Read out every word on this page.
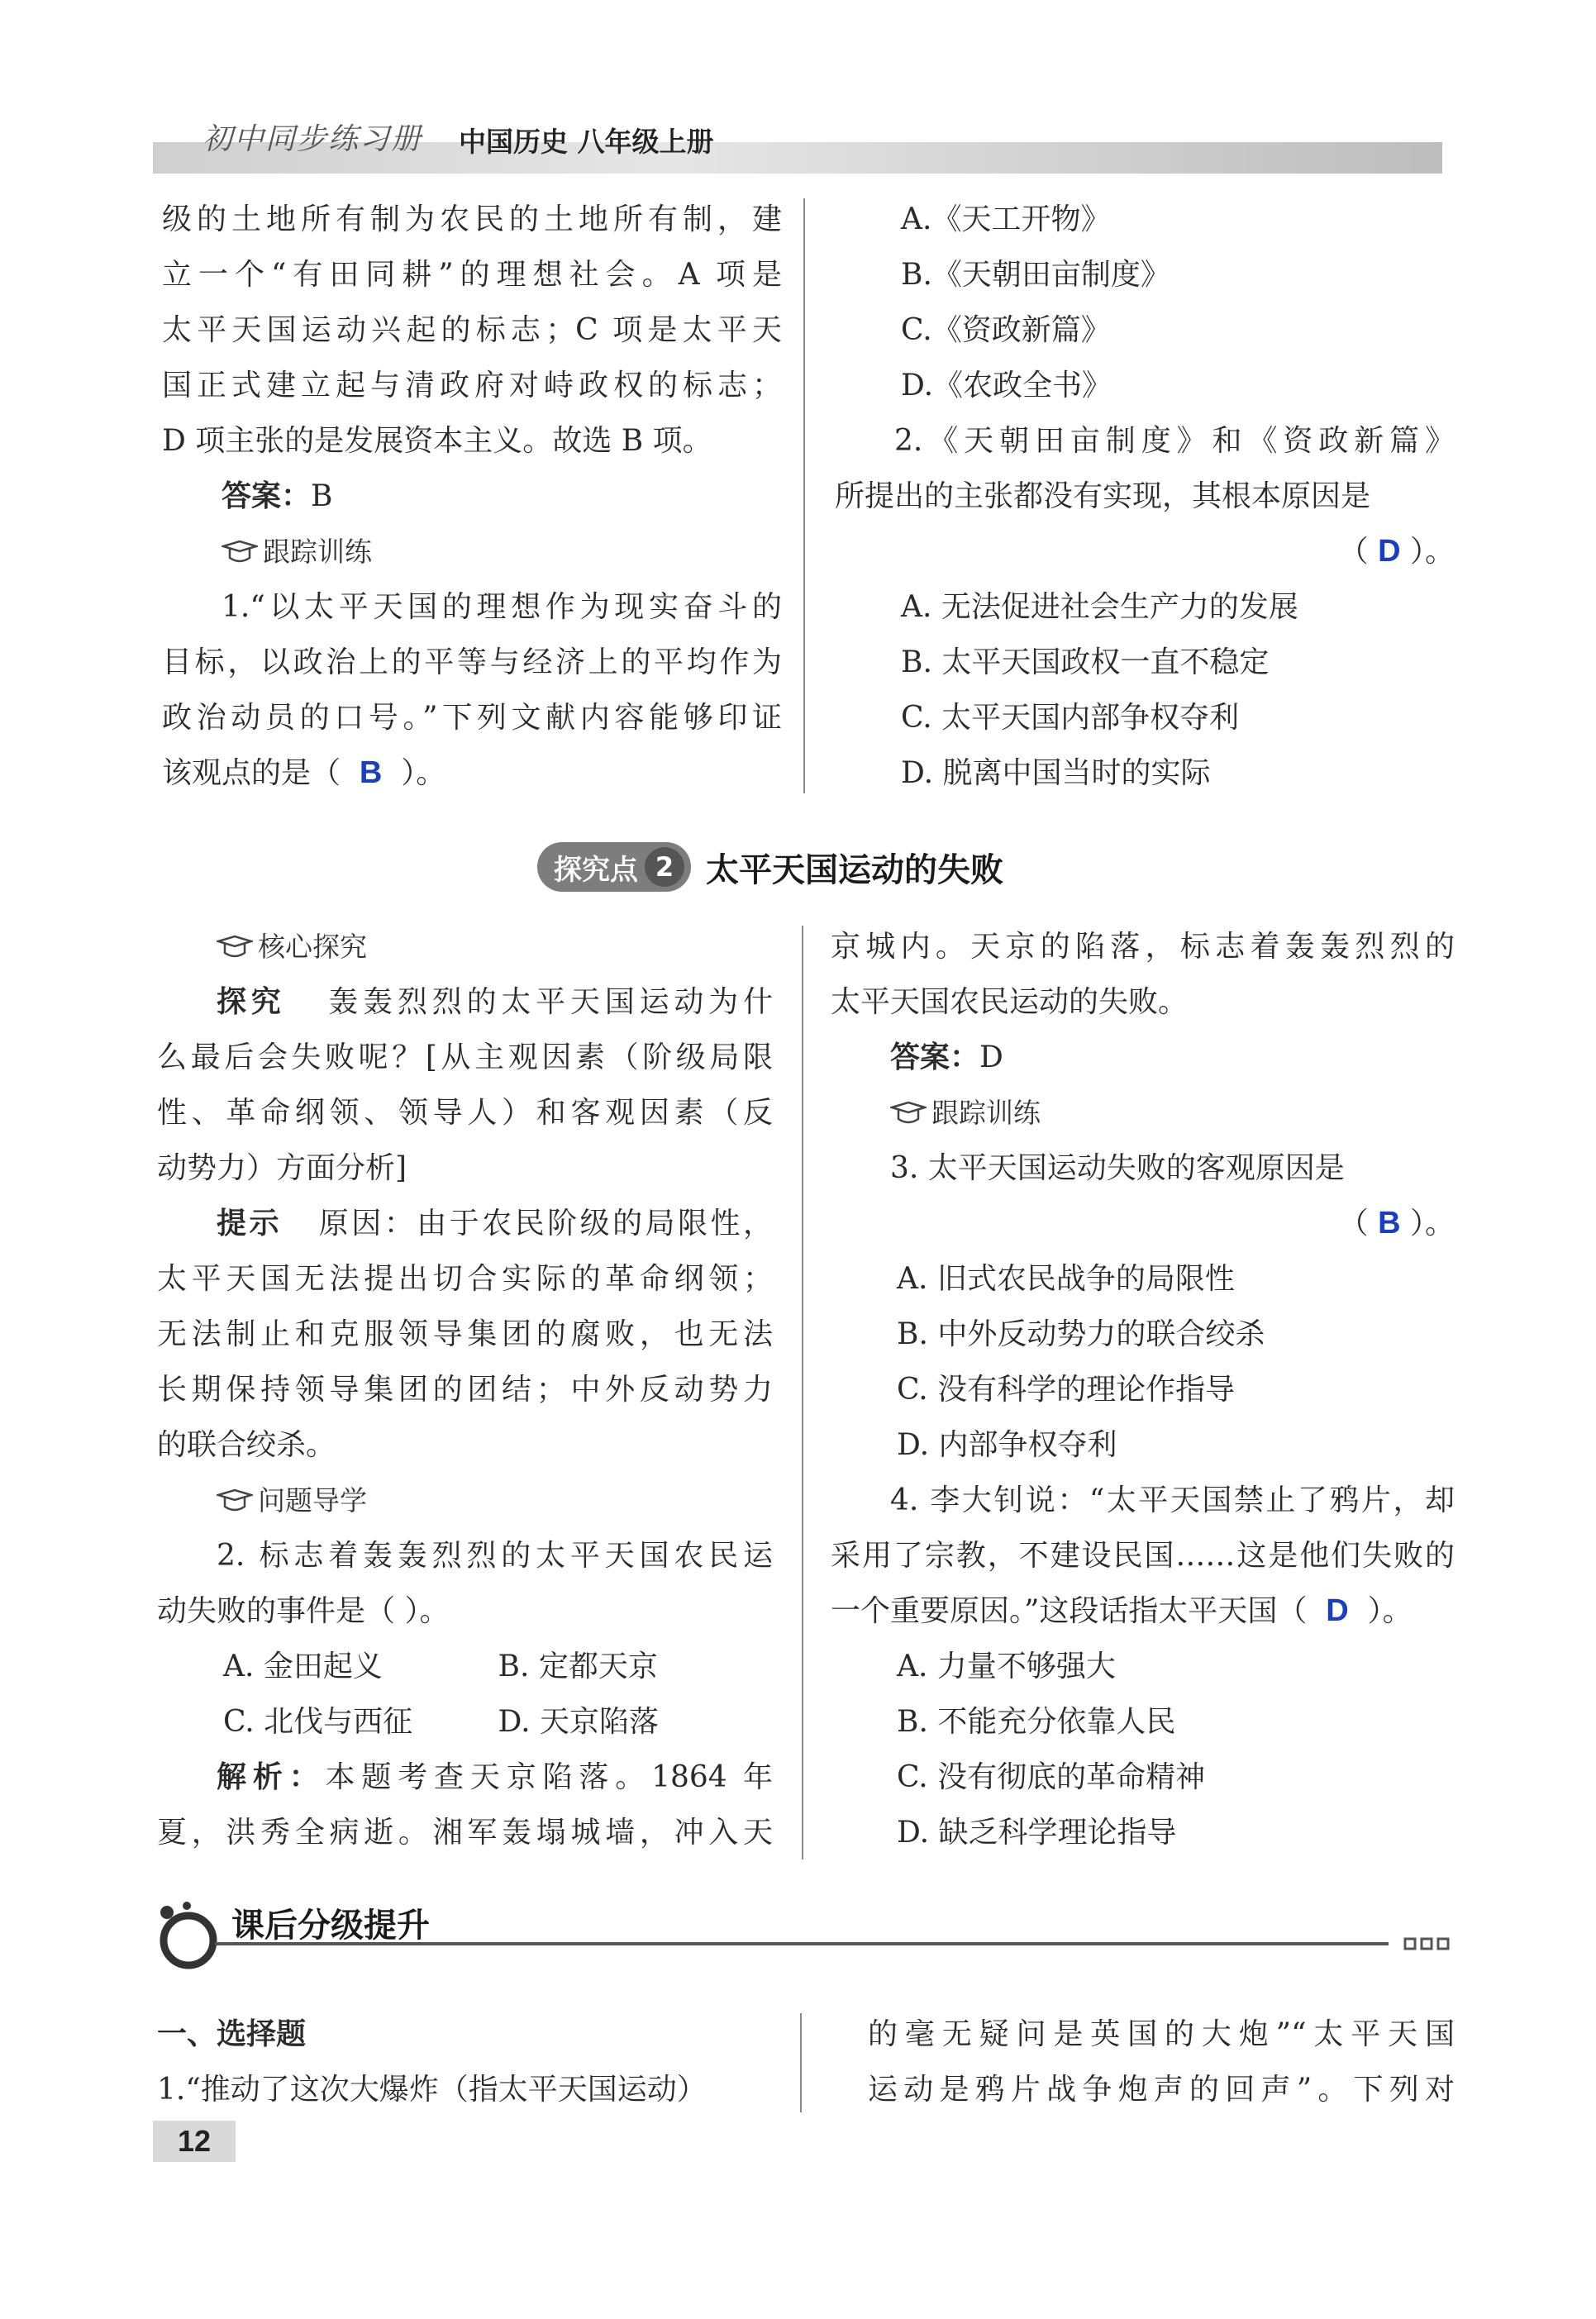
初中同步练习册 中国历史 八年级上册

级的土地所有制为农民的土地所有制，建

立一个“有田同耕”的理想社会。A 项是

太平天国运动兴起的标志；C 项是太平天

国正式建立起与清政府对峙政权的标志；

D 项主张的是发展资本主义。故选 B 项。

答案：B

跟踪训练

1.“以太平天国的理想作为现实奋斗的

目标，以政治上的平等与经济上的平均作为

政治动员的口号。”下列文献内容能够印证

该观点的是（ B ）。

A.《天工开物》

B.《天朝田亩制度》

C.《资政新篇》

D.《农政全书》

2.《天朝田亩制度》和《资政新篇》

所提出的主张都没有实现，其根本原因是

（ D ）。

A. 无法促进社会生产力的发展

B. 太平天国政权一直不稳定

C. 太平天国内部争权夺利

D. 脱离中国当时的实际

探究点 2 太平天国运动的失败

核心探究

探究 轰轰烈烈的太平天国运动为什

么最后会失败呢？[从主观因素（阶级局限

性、革命纲领、领导人）和客观因素（反

动势力）方面分析]

提示 原因：由于农民阶级的局限性，

太平天国无法提出切合实际的革命纲领；

无法制止和克服领导集团的腐败，也无法

长期保持领导集团的团结；中外反动势力

的联合绞杀。

问题导学

2. 标志着轰轰烈烈的太平天国农民运

动失败的事件是（ ）。

A. 金田起义	B. 定都天京
C. 北伐与西征	D. 天京陷落

解析：本题考查天京陷落。1864 年

夏，洪秀全病逝。湘军轰塌城墙，冲入天

京城内。天京的陷落，标志着轰轰烈烈的

太平天国农民运动的失败。

答案：D

跟踪训练

3. 太平天国运动失败的客观原因是

（ B ）。

A. 旧式农民战争的局限性

B. 中外反动势力的联合绞杀

C. 没有科学的理论作指导

D. 内部争权夺利

4. 李大钊说：“太平天国禁止了鸦片，却

采用了宗教，不建设民国……这是他们失败的

一个重要原因。”这段话指太平天国（ D ）。

A. 力量不够强大

B. 不能充分依靠人民

C. 没有彻底的革命精神

D. 缺乏科学理论指导

课后分级提升

一、选择题

1.“推动了这次大爆炸（指太平天国运动）

的毫无疑问是英国的大炮”“太平天国

运动是鸦片战争炮声的回声”。下列对

12
